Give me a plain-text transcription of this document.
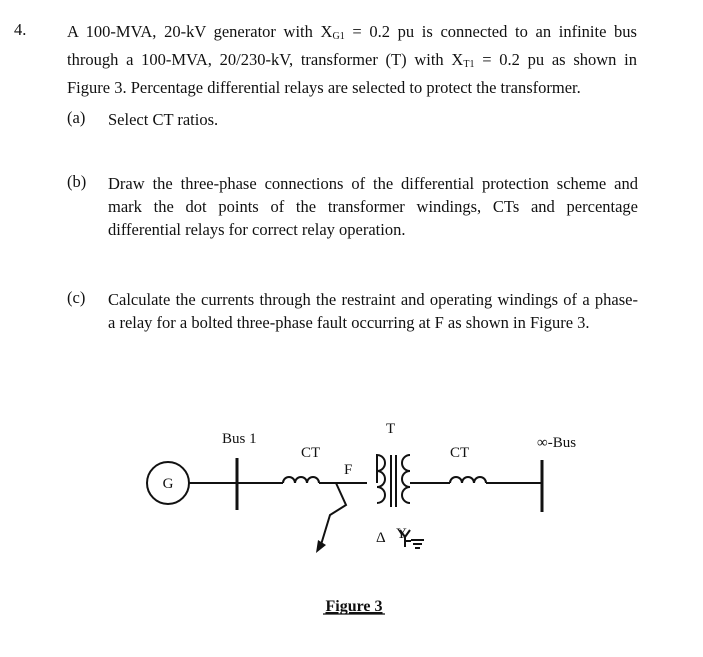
4. A 100-MVA, 20-kV generator with $X_{G1} = 0.2$ pu is connected to an infinite bus
through a 100-MVA, 20/230-kV, transformer (T) with $X_{T1} = 0.2$ pu as shown in
Figure 3. Percentage differential relays are selected to protect the transformer.
(a) Select CT ratios.
(b) Draw the three-phase connections of the differential protection scheme and
mark the dot points of the transformer windings, CTs and percentage
differential relays for correct relay operation.
(c) Calculate the currents through the restraint and operating windings of a phase-
a relay for a bolted three-phase fault occurring at F as shown in Figure 3.
G
Bus 1
CT
F
T
CT
∞-Bus
Δ Y
Figure 3
